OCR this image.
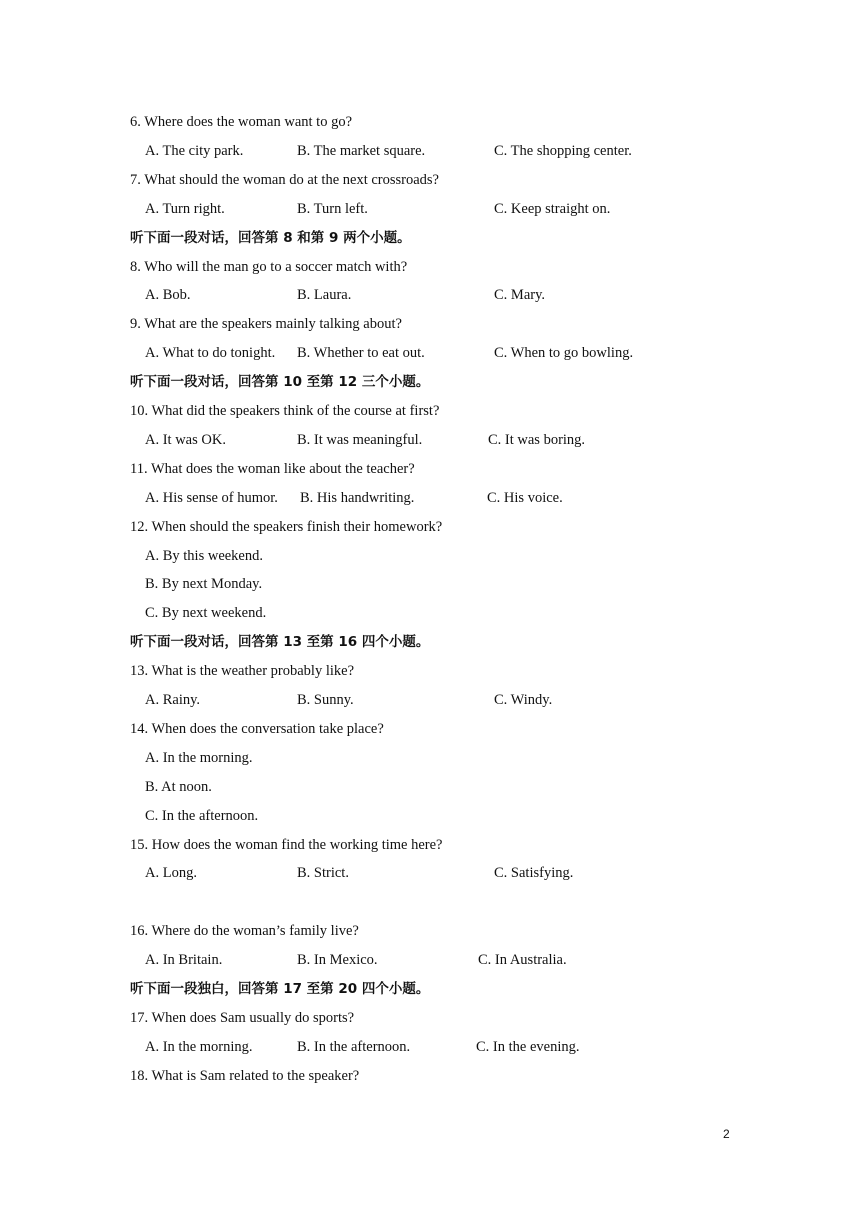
6. Where does the woman want to go?
A. The city park.	B. The market square.	C. The shopping center.
7. What should the woman do at the next crossroads?
A. Turn right.	B. Turn left.	C. Keep straight on.
听下面一段对话，回答第 8 和第 9 两个小题。
8. Who will the man go to a soccer match with?
A. Bob.	B. Laura.	C. Mary.
9. What are the speakers mainly talking about?
A. What to do tonight. B. Whether to eat out.	C. When to go bowling.
听下面一段对话，回答第 10 至第 12 三个小题。
10. What did the speakers think of the course at first?
A. It was OK.	B. It was meaningful.	C. It was boring.
11. What does the woman like about the teacher?
A. His sense of humor. B. His handwriting.	C. His voice.
12. When should the speakers finish their homework?
A. By this weekend.
B. By next Monday.
C. By next weekend.
听下面一段对话，回答第 13 至第 16 四个小题。
13. What is the weather probably like?
A. Rainy.	B. Sunny.	C. Windy.
14. When does the conversation take place?
A. In the morning.
B. At noon.
C. In the afternoon.
15. How does the woman find the working time here?
A. Long.	B. Strict.	C. Satisfying.
16. Where do the woman’s family live?
A. In Britain.	B. In Mexico.	C. In Australia.
听下面一段独白，回答第 17 至第 20 四个小题。
17. When does Sam usually do sports?
A. In the morning.	B. In the afternoon.	C. In the evening.
18. What is Sam related to the speaker?
2
